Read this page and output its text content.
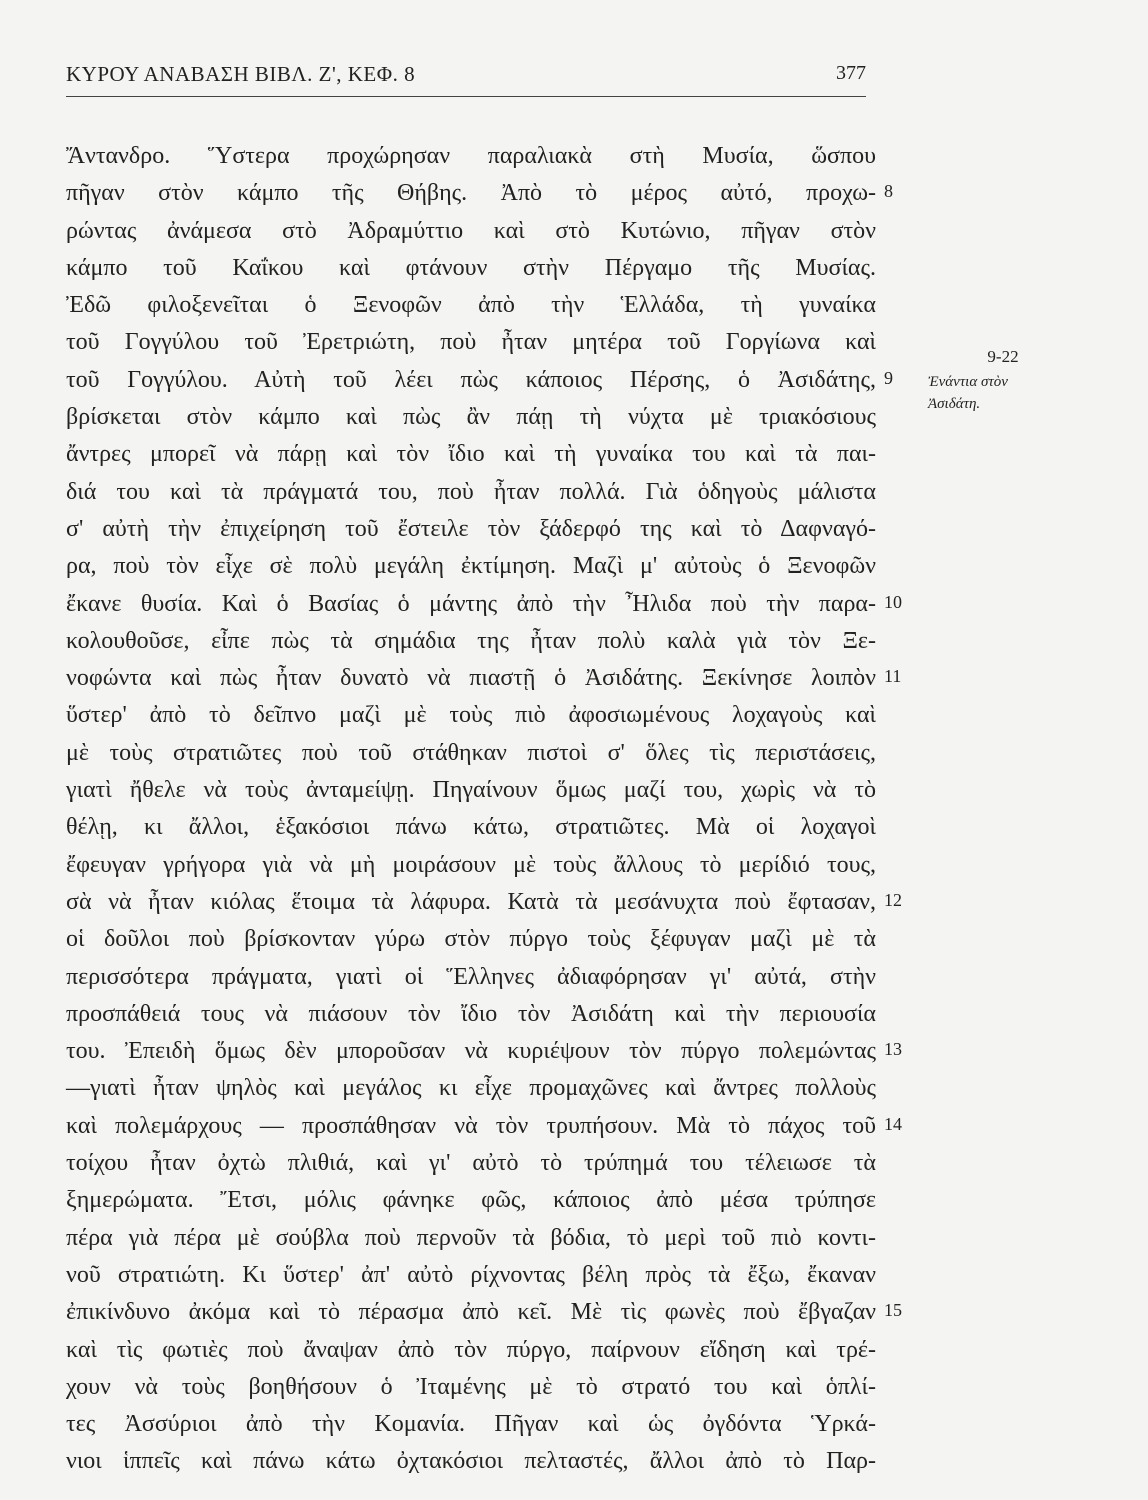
ΚΥΡΟΥ ΑΝΑΒΑΣΗ ΒΙΒΛ. Ζ', ΚΕΦ. 8	377
Ἄντανδρο. Ὕστερα προχώρησαν παραλιακὰ στὴ Μυσία, ὥσπου
πῆγαν στὸν κάμπο τῆς Θήβης. Ἀπὸ τὸ μέρος αὐτό, προχω-
ρώντας ἀνάμεσα στὸ Ἀδραμύττιο καὶ στὸ Κυτώνιο, πῆγαν στὸν
κάμπο τοῦ Καΐκου καὶ φτάνουν στὴν Πέργαμο τῆς Μυσίας.
Ἐδῶ φιλοξενεῖται ὁ Ξενοφῶν ἀπὸ τὴν Ἑλλάδα, τὴ γυναίκα
τοῦ Γογγύλου τοῦ Ἐρετριώτη, ποὺ ἦταν μητέρα τοῦ Γοργίωνα καὶ
τοῦ Γογγύλου. Αὐτὴ τοῦ λέει πὼς κάποιος Πέρσης, ὁ Ἀσιδάτης,
βρίσκεται στὸν κάμπο καὶ πὼς ἂν πάῃ τὴ νύχτα μὲ τριακόσιους
ἄντρες μπορεῖ νὰ πάρῃ καὶ τὸν ἴδιο καὶ τὴ γυναίκα του καὶ τὰ παι-
διά του καὶ τὰ πράγματά του, ποὺ ἦταν πολλά. Γιὰ ὁδηγοὺς μάλιστα
σ' αὐτὴ τὴν ἐπιχείρηση τοῦ ἔστειλε τὸν ξάδερφό της καὶ τὸ Δαφναγό-
ρα, ποὺ τὸν εἶχε σὲ πολὺ μεγάλη ἐκτίμηση. Μαζὶ μ' αὐτοὺς ὁ Ξενοφῶν
ἔκανε θυσία. Καὶ ὁ Βασίας ὁ μάντης ἀπὸ τὴν Ἦλιδα ποὺ τὴν παρα-
κολουθοῦσε, εἶπε πὼς τὰ σημάδια της ἦταν πολὺ καλὰ γιὰ τὸν Ξε-
νοφώντα καὶ πὼς ἦταν δυνατὸ νὰ πιαστῇ ὁ Ἀσιδάτης. Ξεκίνησε λοιπὸν
ὕστερ' ἀπὸ τὸ δεῖπνο μαζὶ μὲ τοὺς πιὸ ἀφοσιωμένους λοχαγοὺς καὶ
μὲ τοὺς στρατιῶτες ποὺ τοῦ στάθηκαν πιστοὶ σ' ὅλες τὶς περιστάσεις,
γιατὶ ἤθελε νὰ τοὺς ἀνταμείψῃ. Πηγαίνουν ὅμως μαζί του, χωρὶς νὰ τὸ
θέλῃ, κι ἄλλοι, ἑξακόσιοι πάνω κάτω, στρατιῶτες. Μὰ οἱ λοχαγοὶ
ἔφευγαν γρήγορα γιὰ νὰ μὴ μοιράσουν μὲ τοὺς ἄλλους τὸ μερίδιό τους,
σὰ νὰ ἦταν κιόλας ἕτοιμα τὰ λάφυρα. Κατὰ τὰ μεσάνυχτα ποὺ ἔφτασαν,
οἱ δοῦλοι ποὺ βρίσκονταν γύρω στὸν πύργο τοὺς ξέφυγαν μαζὶ μὲ τὰ
περισσότερα πράγματα, γιατὶ οἱ Ἕλληνες ἀδιαφόρησαν γι' αὐτά, στὴν
προσπάθειά τους νὰ πιάσουν τὸν ἴδιο τὸν Ἀσιδάτη καὶ τὴν περιουσία
του. Ἐπειδὴ ὅμως δὲν μποροῦσαν νὰ κυριέψουν τὸν πύργο πολεμώντας
—γιατὶ ἦταν ψηλὸς καὶ μεγάλος κι εἶχε προμαχῶνες καὶ ἄντρες πολλοὺς
καὶ πολεμάρχους — προσπάθησαν νὰ τὸν τρυπήσουν. Μὰ τὸ πάχος τοῦ
τοίχου ἦταν ὀχτὼ πλιθιά, καὶ γι' αὐτὸ τὸ τρύπημά του τέλειωσε τὰ
ξημερώματα. Ἔτσι, μόλις φάνηκε φῶς, κάποιος ἀπὸ μέσα τρύπησε
πέρα γιὰ πέρα μὲ σούβλα ποὺ περνοῦν τὰ βόδια, τὸ μερὶ τοῦ πιὸ κοντι-
νοῦ στρατιώτη. Κι ὕστερ' ἀπ' αὐτὸ ρίχνοντας βέλη πρὸς τὰ ἔξω, ἔκαναν
ἐπικίνδυνο ἀκόμα καὶ τὸ πέρασμα ἀπὸ κεῖ. Μὲ τὶς φωνὲς ποὺ ἔβγαζαν
καὶ τὶς φωτιὲς ποὺ ἄναψαν ἀπὸ τὸν πύργο, παίρνουν εἴδηση καὶ τρέ-
χουν νὰ τοὺς βοηθήσουν ὁ Ἰταμένης μὲ τὸ στρατό του καὶ ὁπλί-
τες Ἀσσύριοι ἀπὸ τὴν Κομανία. Πῆγαν καὶ ὡς ὀγδόντα Ὑρκά-
νιοι ἱππεῖς καὶ πάνω κάτω ὀχτακόσιοι πελταστές, ἄλλοι ἀπὸ τὸ Παρ-
8
9
10
11
12
13
14
15
9-22
Ἐνάντια στὸν
Ἀσιδάτη.
